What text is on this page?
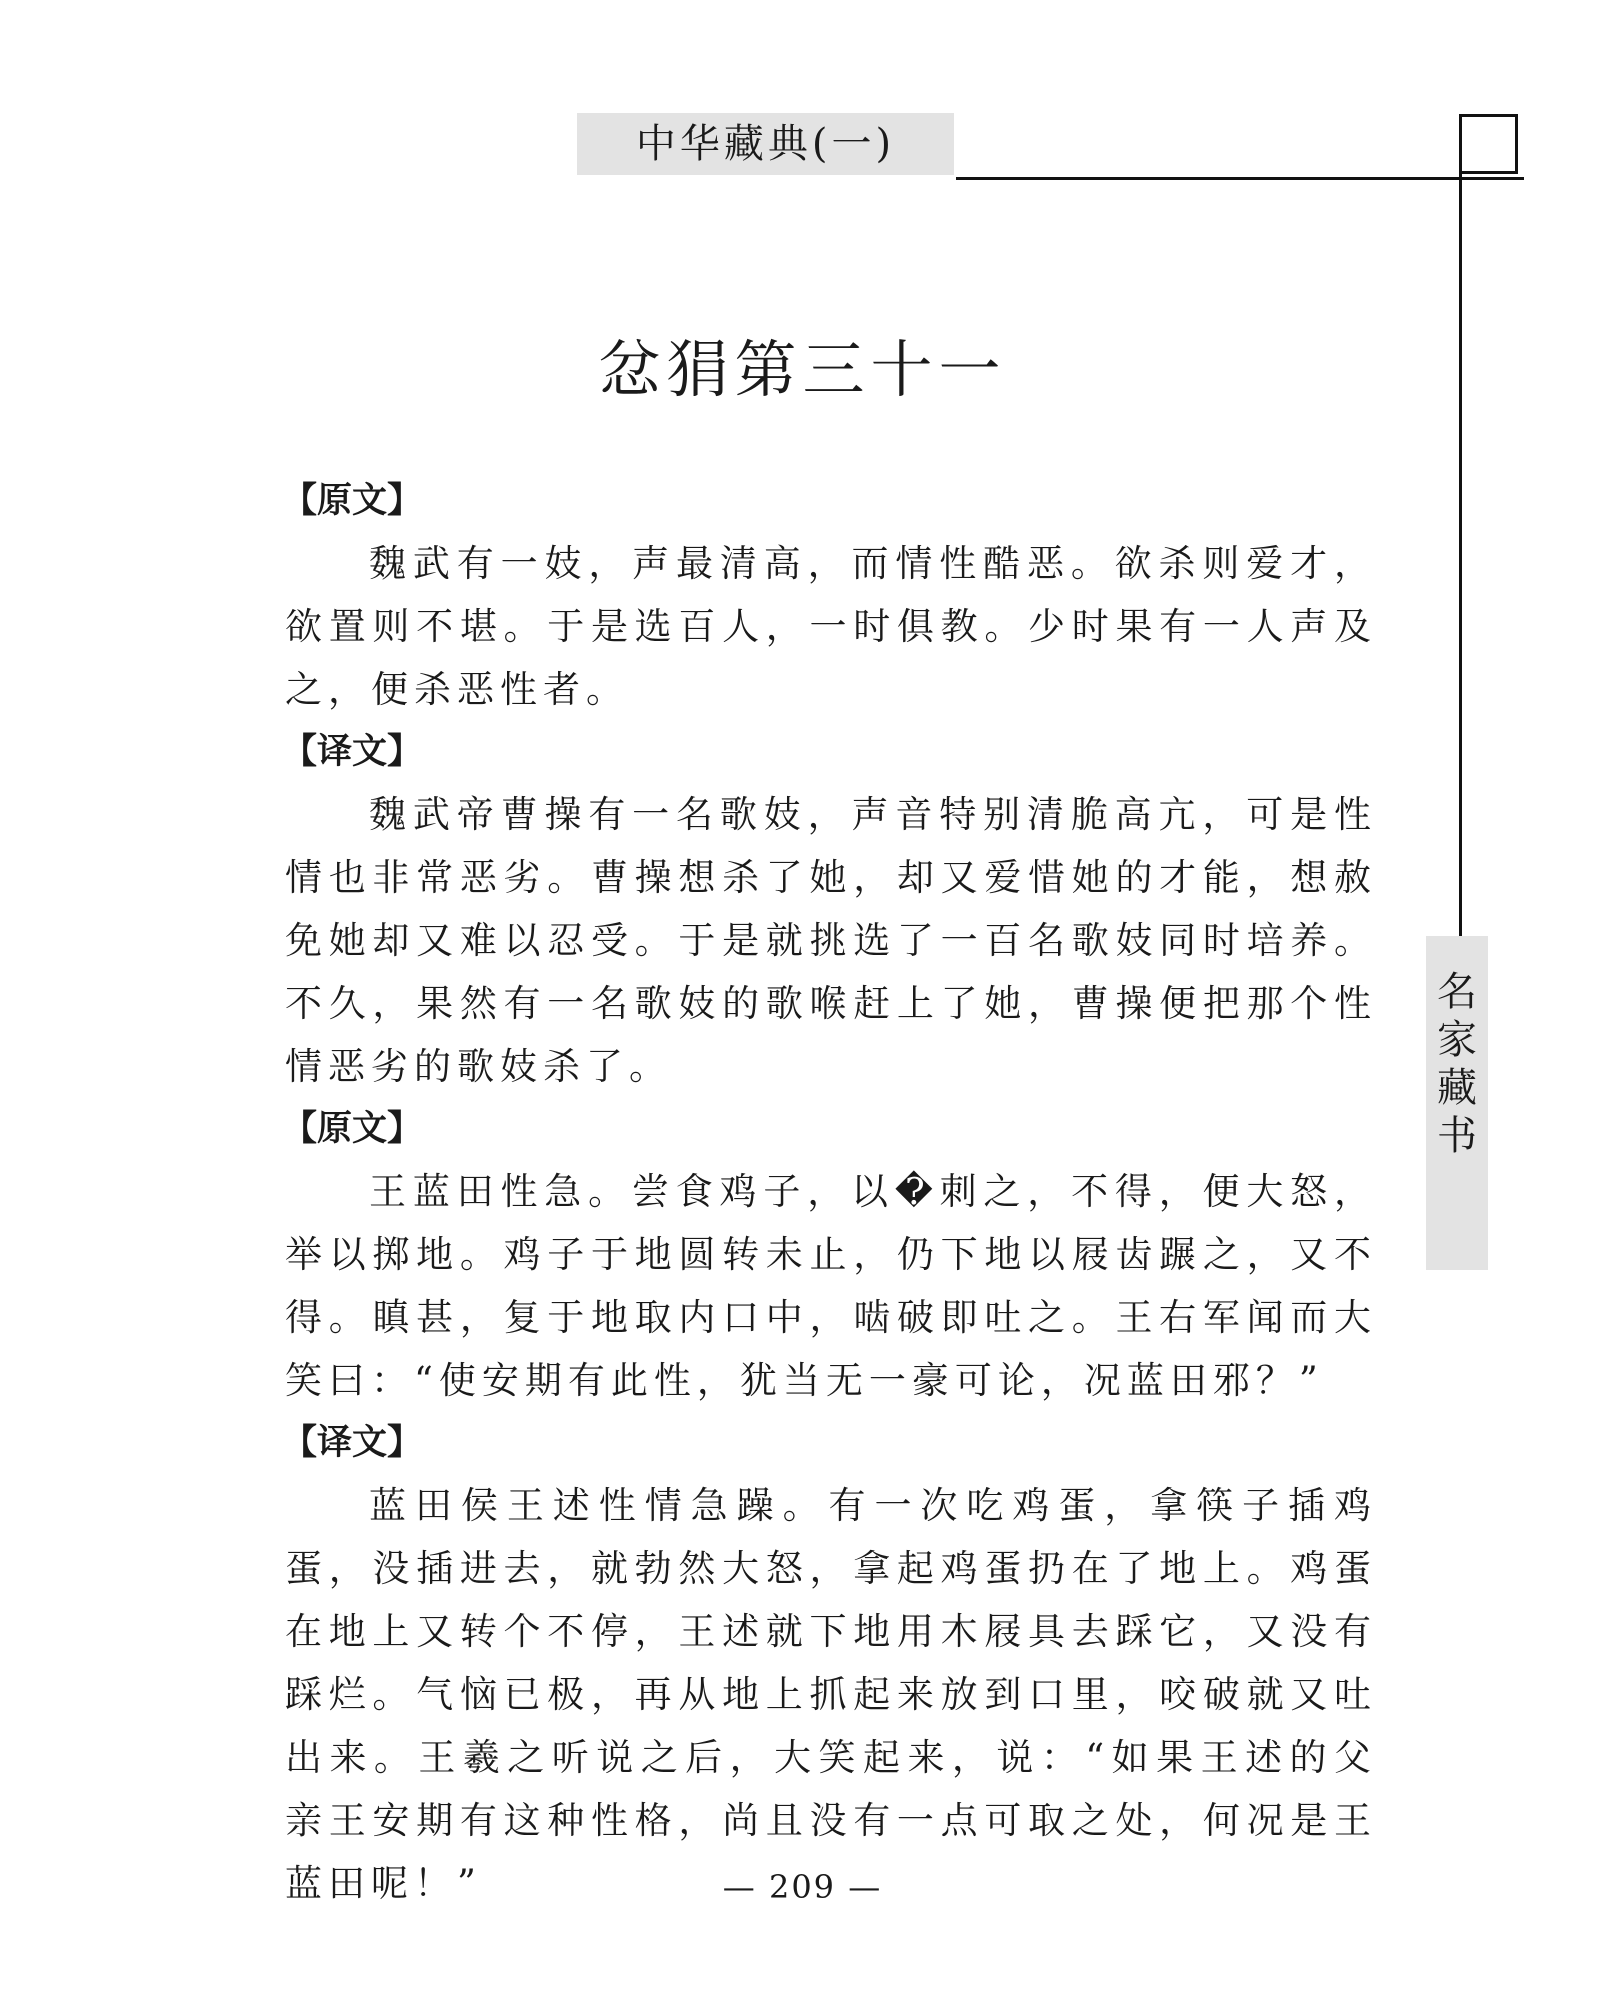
中华藏典(一)
名家藏书
忿狷第三十一
【原文】

魏武有一妓，声最清高，而情性酷恶。欲杀则爱才，欲置则不堪。于是选百人，一时俱教。少时果有一人声及之，便杀恶性者。

【译文】

魏武帝曹操有一名歌妓，声音特别清脆高亢，可是性情也非常恶劣。曹操想杀了她，却又爱惜她的才能，想赦免她却又难以忍受。于是就挑选了一百名歌妓同时培养。不久，果然有一名歌妓的歌喉赶上了她，曹操便把那个性情恶劣的歌妓杀了。

【原文】

王蓝田性急。尝食鸡子，以�刺之，不得，便大怒，举以掷地。鸡子于地圆转未止，仍下地以屐齿蹍之，又不得。瞋甚，复于地取内口中，啮破即吐之。王右军闻而大笑曰：“使安期有此性，犹当无一豪可论，况蓝田邪？”

【译文】

蓝田侯王述性情急躁。有一次吃鸡蛋，拿筷子插鸡蛋，没插进去，就勃然大怒，拿起鸡蛋扔在了地上。鸡蛋在地上又转个不停，王述就下地用木屐具去踩它，又没有踩烂。气恼已极，再从地上抓起来放到口里，咬破就又吐出来。王羲之听说之后，大笑起来，说：“如果王述的父亲王安期有这种性格，尚且没有一点可取之处，何况是王蓝田呢！”	— 209 —
